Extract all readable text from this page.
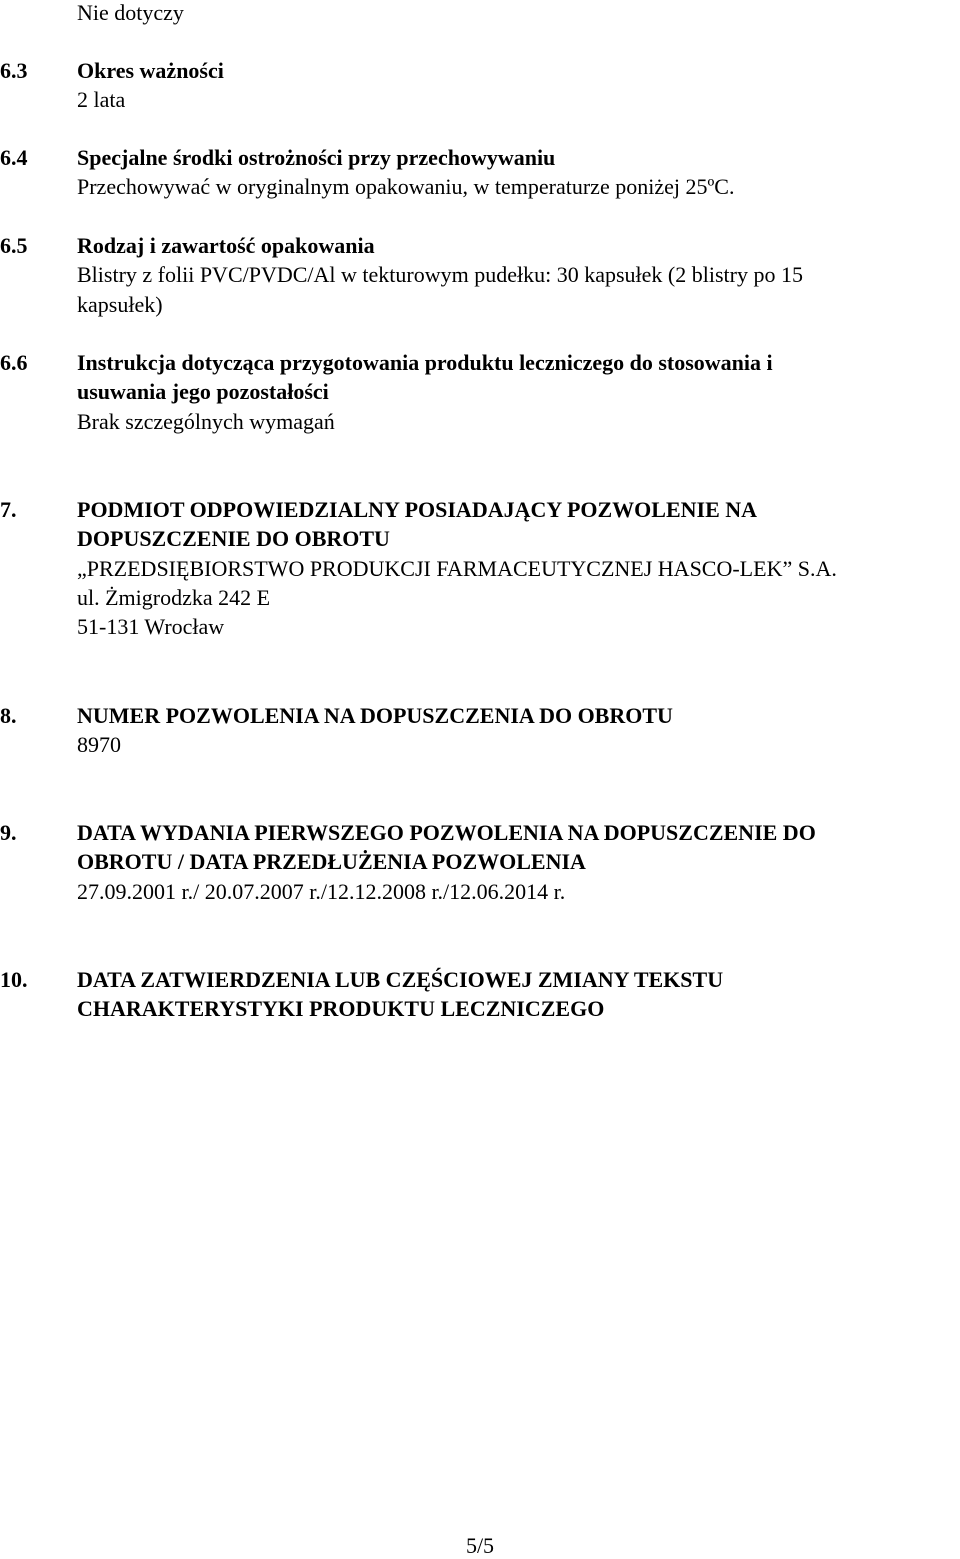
Nie dotyczy
6.3	Okres ważności
2 lata
6.4	Specjalne środki ostrożności przy przechowywaniu
Przechowywać w oryginalnym opakowaniu, w temperaturze poniżej 25ºC.
6.5	Rodzaj i zawartość opakowania
Blistry z folii PVC/PVDC/Al w tekturowym pudełku: 30 kapsułek (2 blistry po 15
kapsułek)
6.6	Instrukcja dotycząca przygotowania produktu leczniczego do stosowania i
usuwania jego pozostałości
Brak szczególnych wymagań
7.	PODMIOT ODPOWIEDZIALNY POSIADAJĄCY POZWOLENIE NA
DOPUSZCZENIE DO OBROTU
„PRZEDSIĘBIORSTWO PRODUKCJI FARMACEUTYCZNEJ HASCO-LEK” S.A.
ul. Żmigrodzka 242 E
51-131 Wrocław
8.	NUMER POZWOLENIA NA DOPUSZCZENIA DO OBROTU
8970
9.	DATA WYDANIA PIERWSZEGO POZWOLENIA NA DOPUSZCZENIE DO
OBROTU / DATA PRZEDŁUŻENIA POZWOLENIA
27.09.2001 r./ 20.07.2007 r./12.12.2008 r./12.06.2014 r.
10.	DATA ZATWIERDZENIA LUB CZĘŚCIOWEJ ZMIANY TEKSTU
CHARAKTERYSTYKI PRODUKTU LECZNICZEGO
5/5
